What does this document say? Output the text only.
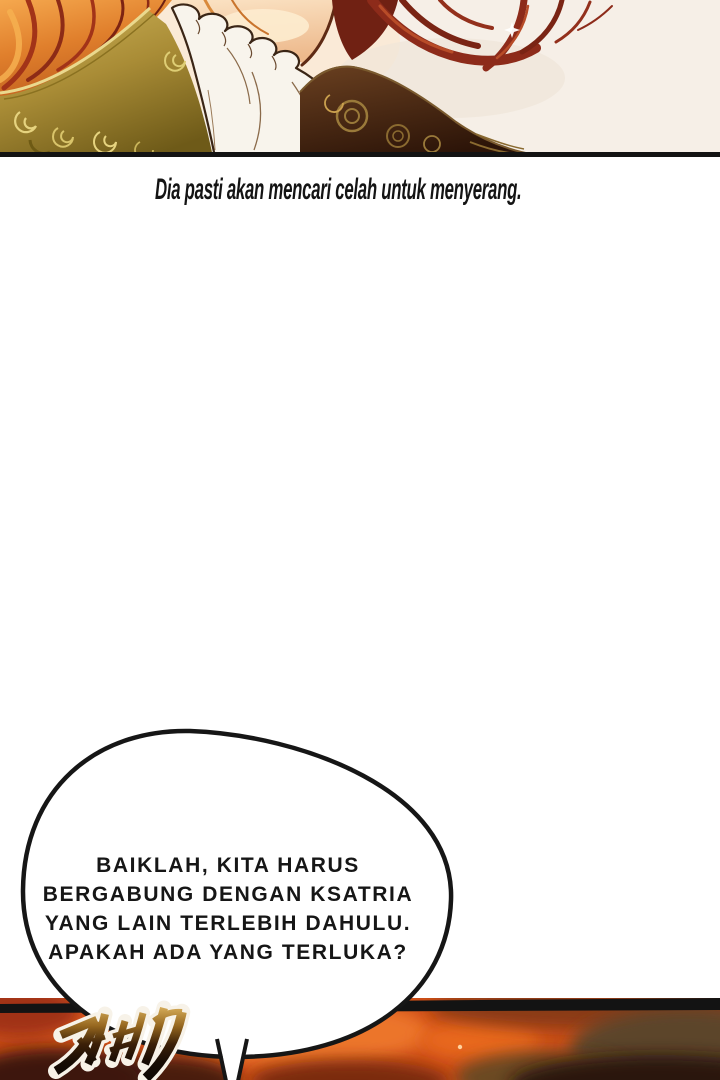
Dia pasti akan mencari celah untuk menyerang.
BAIKLAH, KITA HARUS
BERGABUNG DENGAN KSATRIA
YANG LAIN TERLEBIH DAHULU.
APAKAH ADA YANG TERLUKA?
